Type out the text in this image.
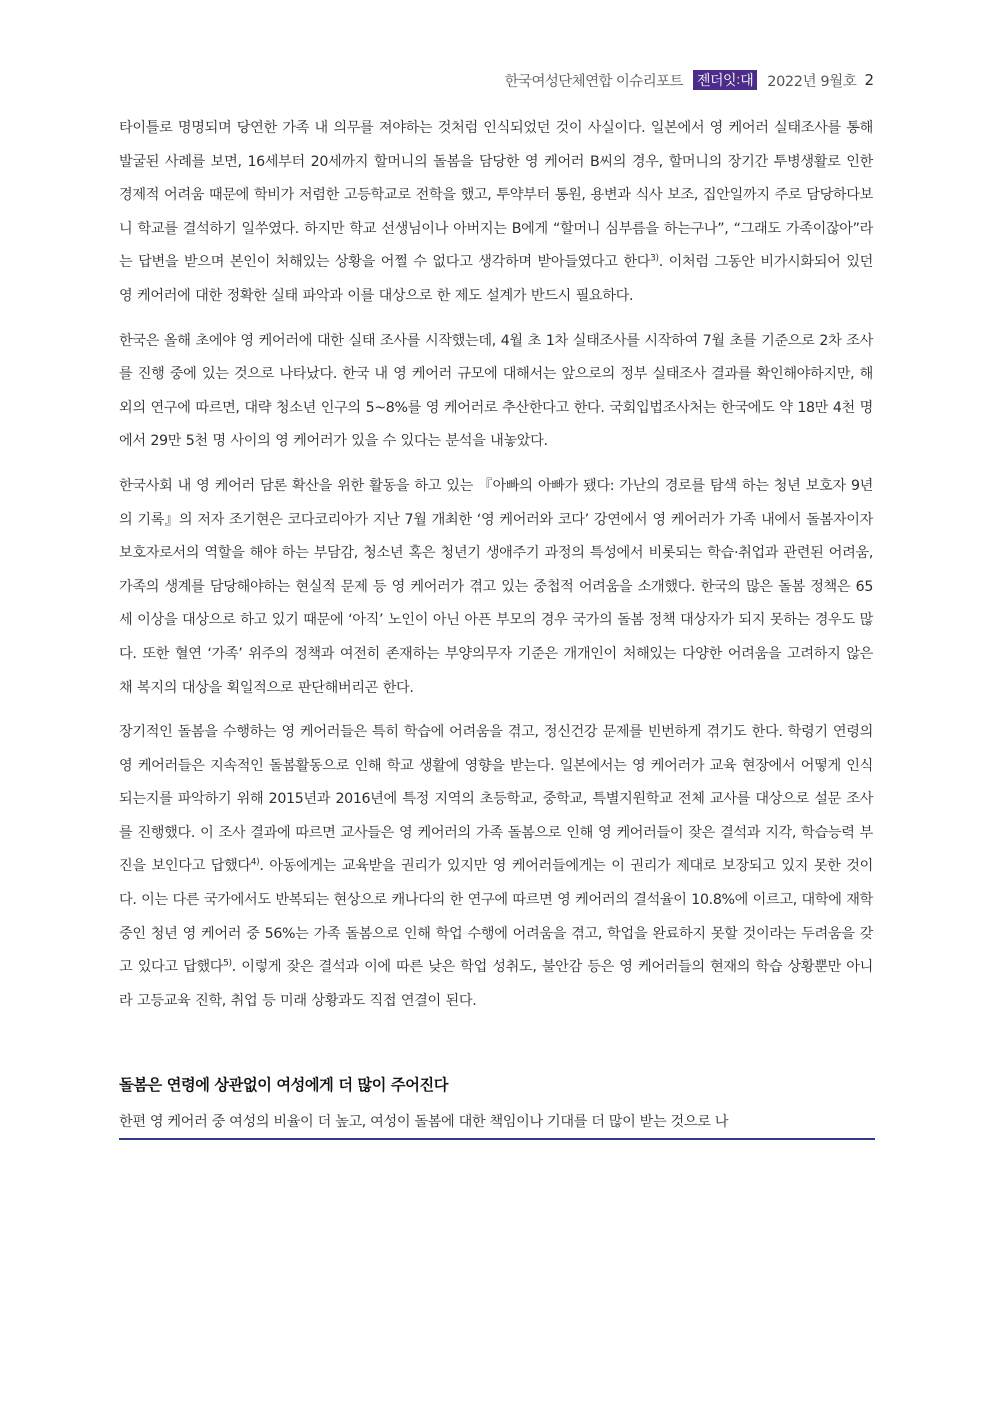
한국여성단체연합 이슈리포트 젠더잇 : 대 2022년 9월호 2

타이틀로 명명되며 당연한 가족 내 의무를 져야하는 것처럼 인식되었던 것이 사실이다. 일본에서 영 케어러 실태조사를 통해 발굴된 사례를 보면, 16세부터 20세까지 할머니의 돌봄을 담당한 영 케어러 B씨의 경우, 할머니의 장기간 투병생활로 인한 경제적 어려움 때문에 학비가 저렴한 고등학교로 전학을 했고, 투약부터 통원, 용변과 식사 보조, 집안일까지 주로 담당하다보니 학교를 결석하기 일쑤였다. 하지만 학교 선생님이나 아버지는 B에게 “할머니 심부름을 하는구나”, “그래도 가족이잖아”라는 답변을 받으며 본인이 처해있는 상황을 어쩔 수 없다고 생각하며 받아들였다고 한다$^{3)}$. 이처럼 그동안 비가시화되어 있던 영 케어러에 대한 정확한 실태 파악과 이를 대상으로 한 제도 설계가 반드시 필요하다.

한국은 올해 초에야 영 케어러에 대한 실태 조사를 시작했는데, 4월 초 1차 실태조사를 시작하여 7월 초를 기준으로 2차 조사를 진행 중에 있는 것으로 나타났다. 한국 내 영 케어러 규모에 대해서는 앞으로의 정부 실태조사 결과를 확인해야하지만, 해외의 연구에 따르면, 대략 청소년 인구의 5~8%를 영 케어러로 추산한다고 한다. 국회입법조사처는 한국에도 약 18만 4천 명에서 29만 5천 명 사이의 영 케어러가 있을 수 있다는 분석을 내놓았다.

한국사회 내 영 케어러 담론 확산을 위한 활동을 하고 있는 『아빠의 아빠가 됐다: 가난의 경로를 탐색 하는 청년 보호자 9년의 기록』의 저자 조기현은 코다코리아가 지난 7월 개최한 ‘영 케어러와 코다’ 강연에서 영 케어러가 가족 내에서 돌봄자이자 보호자로서의 역할을 해야 하는 부담감, 청소년 혹은 청년기 생애주기 과정의 특성에서 비롯되는 학습·취업과 관련된 어려움, 가족의 생계를 담당해야하는 현실적 문제 등 영 케어러가 겪고 있는 중첩적 어려움을 소개했다. 한국의 많은 돌봄 정책은 65세 이상을 대상으로 하고 있기 때문에 ‘아직’ 노인이 아닌 아픈 부모의 경우 국가의 돌봄 정책 대상자가 되지 못하는 경우도 많다. 또한 혈연 ‘가족’ 위주의 정책과 여전히 존재하는 부양의무자 기준은 개개인이 처해있는 다양한 어려움을 고려하지 않은 채 복지의 대상을 획일적으로 판단해버리곤 한다.

장기적인 돌봄을 수행하는 영 케어러들은 특히 학습에 어려움을 겪고, 정신건강 문제를 빈번하게 겪기도 한다. 학령기 연령의 영 케어러들은 지속적인 돌봄활동으로 인해 학교 생활에 영향을 받는다. 일본에서는 영 케어러가 교육 현장에서 어떻게 인식되는지를 파악하기 위해 2015년과 2016년에 특정 지역의 초등학교, 중학교, 특별지원학교 전체 교사를 대상으로 설문 조사를 진행했다. 이 조사 결과에 따르면 교사들은 영 케어러의 가족 돌봄으로 인해 영 케어러들이 잦은 결석과 지각, 학습능력 부진을 보인다고 답했다$^{4)}$. 아동에게는 교육받을 권리가 있지만 영 케어러들에게는 이 권리가 제대로 보장되고 있지 못한 것이다. 이는 다른 국가에서도 반복되는 현상으로 캐나다의 한 연구에 따르면 영 케어러의 결석율이 10.8%에 이르고, 대학에 재학 중인 청년 영 케어러 중 56%는 가족 돌봄으로 인해 학업 수행에 어려움을 겪고, 학업을 완료하지 못할 것이라는 두려움을 갖고 있다고 답했다$^{5)}$. 이렇게 잦은 결석과 이에 따른 낮은 학업 성취도, 불안감 등은 영 케어러들의 현재의 학습 상황뿐만 아니라 고등교육 진학, 취업 등 미래 상황과도 직접 연결이 된다.

돌봄은 연령에 상관없이 여성에게 더 많이 주어진다
한편 영 케어러 중 여성의 비율이 더 높고, 여성이 돌봄에 대한 책임이나 기대를 더 많이 받는 것으로 나
